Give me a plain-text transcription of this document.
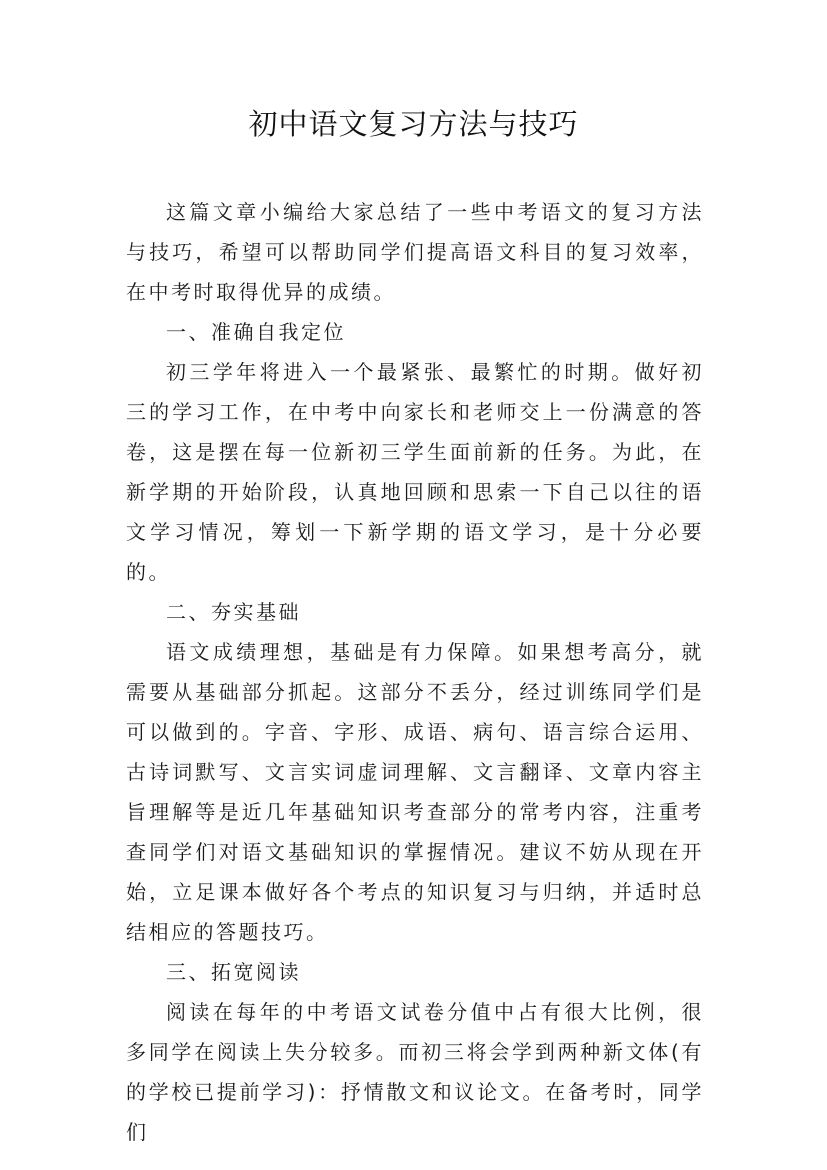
初中语文复习方法与技巧

这篇文章小编给大家总结了一些中考语文的复习方法与技巧，希望可以帮助同学们提高语文科目的复习效率，在中考时取得优异的成绩。

一、准确自我定位

初三学年将进入一个最紧张、最繁忙的时期。做好初三的学习工作，在中考中向家长和老师交上一份满意的答卷，这是摆在每一位新初三学生面前新的任务。为此，在新学期的开始阶段，认真地回顾和思索一下自己以往的语文学习情况，筹划一下新学期的语文学习，是十分必要的。

二、夯实基础

语文成绩理想，基础是有力保障。如果想考高分，就需要从基础部分抓起。这部分不丢分，经过训练同学们是可以做到的。字音、字形、成语、病句、语言综合运用、古诗词默写、文言实词虚词理解、文言翻译、文章内容主旨理解等是近几年基础知识考查部分的常考内容，注重考查同学们对语文基础知识的掌握情况。建议不妨从现在开始，立足课本做好各个考点的知识复习与归纳，并适时总结相应的答题技巧。

三、拓宽阅读

阅读在每年的中考语文试卷分值中占有很大比例，很多同学在阅读上失分较多。而初三将会学到两种新文体(有的学校已提前学习)：抒情散文和议论文。在备考时，同学们
